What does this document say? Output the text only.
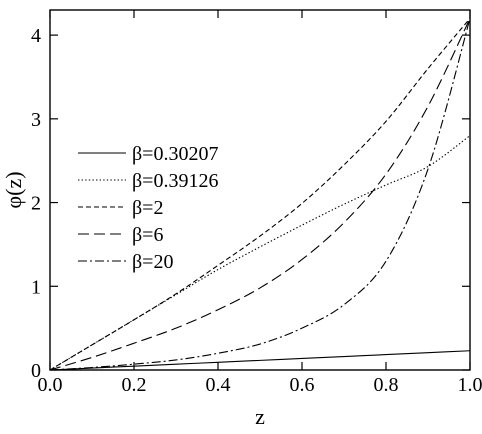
φ(z)
z
0.0	0.2	0.4	0.6	0.8	1.0
0
1
2
3
4
β=0.30207
β=0.39126
β=2
β=6
β=20
